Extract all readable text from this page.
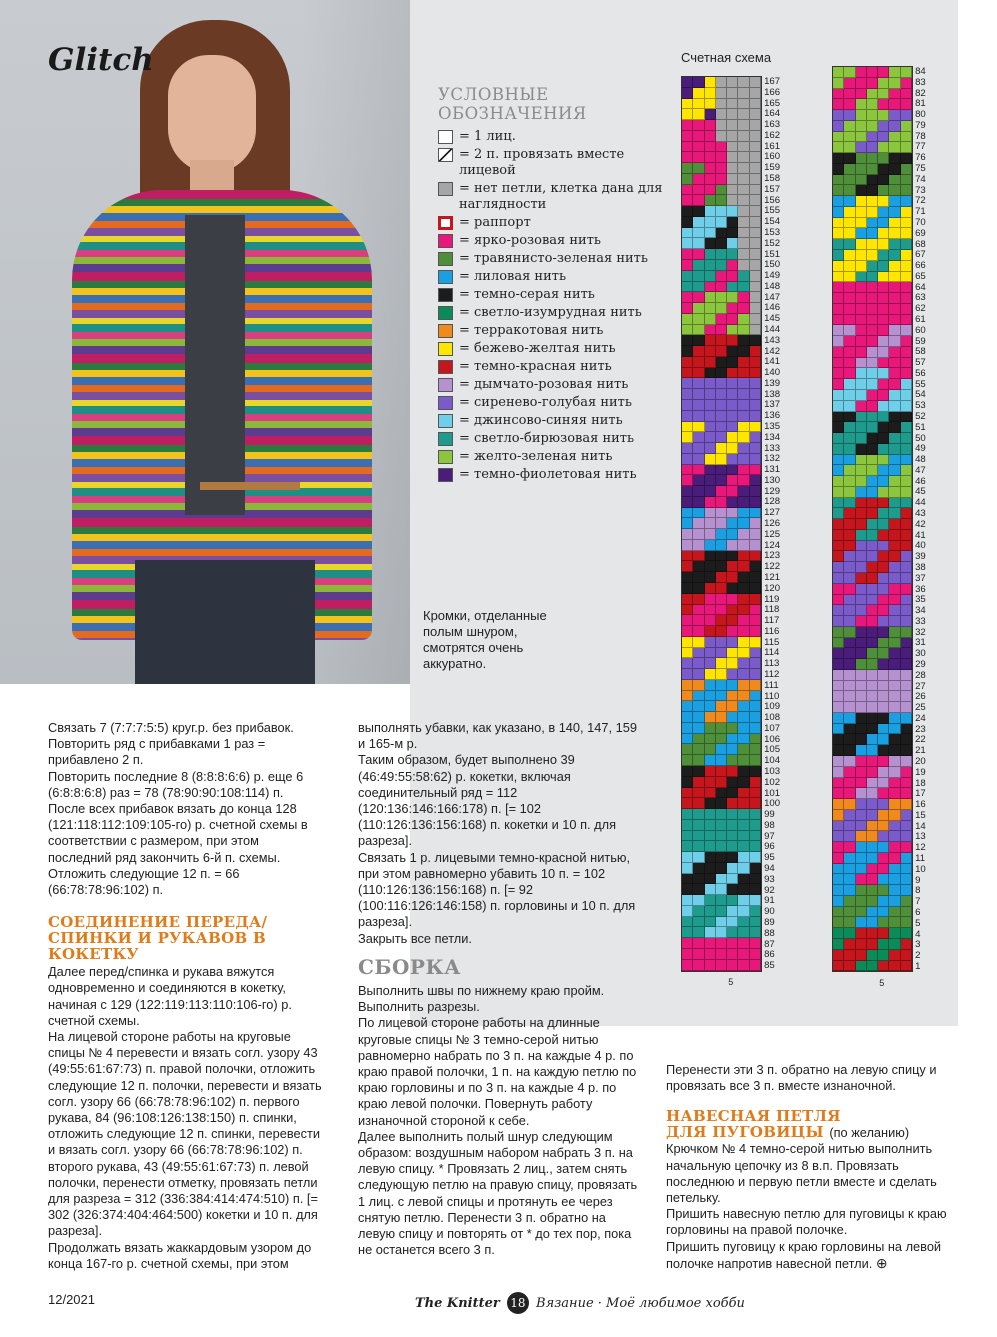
Glitch
УСЛОВНЫЕ
ОБОЗНАЧЕНИЯ
= 1 лиц.
= 2 п. провязать вместе лицевой
= нет петли, клетка дана для наглядности
= раппорт
= ярко-розовая нить
= травянисто-зеленая нить
= лиловая нить
= темно-серая нить
= светло-изумрудная нить
= терракотовая нить
= бежево-желтая нить
= темно-красная нить
= дымчато-розовая нить
= сиренево-голубая нить
= джинсово-синяя нить
= светло-бирюзовая нить
= желто-зеленая нить
= темно-фиолетовая нить
Кромки, отделанные
полым шнуром,
смотрятся очень
аккуратно.
Счетная схема
167
166
165
164
163
162
161
160
159
158
157
156
155
154
153
152
151
150
149
148
147
146
145
144
143
142
141
140
139
138
137
136
135
134
133
132
131
130
129
128
127
126
125
124
123
122
121
120
119
118
117
116
115
114
113
112
111
110
109
108
107
106
105
104
103
102
101
100
99
98
97
96
95
94
93
92
91
90
89
88
87
86
85
5
84
83
82
81
80
79
78
77
76
75
74
73
72
71
70
69
68
67
66
65
64
63
62
61
60
59
58
57
56
55
54
53
52
51
50
49
48
47
46
45
44
43
42
41
40
39
38
37
36
35
34
33
32
31
30
29
28
27
26
25
24
23
22
21
20
19
18
17
16
15
14
13
12
11
10
9
8
7
6
5
4
3
2
1
5

Связать 7 (7:7:7:5:5) круг.р. без прибавок. Повторить ряд с прибавками 1 раз = прибавлено 2 п.

Повторить последние 8 (8:8:8:6:6) р. еще 6 (6:8:8:6:8) раз = 78 (78:90:90:108:114) п.

После всех прибавок вязать до конца 128 (121:118:112:109:105-го) р. счетной схемы в соответствии с размером, при этом последний ряд закончить 6-й п. схемы. Отложить следующие 12 п. = 66 (66:78:78:96:102) п.

СОЕДИНЕНИЕ ПЕРЕДА/СПИНКИ И РУКАВОВ В КОКЕТКУ

Далее перед/спинка и рукава вяжутся одновременно и соединяются в кокетку, начиная с 129 (122:119:113:110:106-го) р. счетной схемы.

На лицевой стороне работы на круговые спицы № 4 перевести и вязать согл. узору 43 (49:55:61:67:73) п. правой полочки, отложить следующие 12 п. полочки, перевести и вязать согл. узору 66 (66:78:78:96:102) п. первого рукава, 84 (96:108:126:138:150) п. спинки, отложить следующие 12 п. спинки, перевести и вязать согл. узору 66 (66:78:78:96:102) п. второго рукава, 43 (49:55:61:67:73) п. левой полочки, перенести отметку, провязать петли для разреза = 312 (336:384:414:474:510) п. [= 302 (326:374:404:464:500) кокетки и 10 п. для разреза].

Продолжать вязать жаккардовым узором до конца 167-го р. счетной схемы, при этом

выполнять убавки, как указано, в 140, 147, 159 и 165-м р.

Таким образом, будет выполнено 39 (46:49:55:58:62) р. кокетки, включая соединительный ряд = 112 (120:136:146:166:178) п. [= 102 (110:126:136:156:168) п. кокетки и 10 п. для разреза].

Связать 1 р. лицевыми темно-красной нитью, при этом равномерно убавить 10 п. = 102 (110:126:136:156:168) п. [= 92 (100:116:126:146:158) п. горловины и 10 п. для разреза].

Закрыть все петли.

СБОРКА

Выполнить швы по нижнему краю пройм. Выполнить разрезы.

По лицевой стороне работы на длинные круговые спицы № 3 темно-серой нитью равномерно набрать по 3 п. на каждые 4 р. по краю правой полочки, 1 п. на каждую петлю по краю горловины и по 3 п. на каждые 4 р. по краю левой полочки. Повернуть работу изнаночной стороной к себе.

Далее выполнить полый шнур следующим образом: воздушным набором набрать 3 п. на левую спицу. * Провязать 2 лиц., затем снять следующую петлю на правую спицу, провязать 1 лиц. с левой спицы и протянуть ее через снятую петлю. Перенести 3 п. обратно на левую спицу и повторять от * до тех пор, пока не останется всего 3 п.

Перенести эти 3 п. обратно на левую спицу и провязать все 3 п. вместе изнаночной.

НАВЕСНАЯ ПЕТЛЯ
ДЛЯ ПУГОВИЦЫ (по желанию)

Крючком № 4 темно-серой нитью выполнить начальную цепочку из 8 в.п. Провязать последнюю и первую петли вместе и сделать петельку.

Пришить навесную петлю для пуговицы к краю горловины на правой полочке.

Пришить пуговицу к краю горловины на левой полочке напротив навесной петли. ⊕

12/2021	The Knitter 18 Вязание · Моё любимое хобби
